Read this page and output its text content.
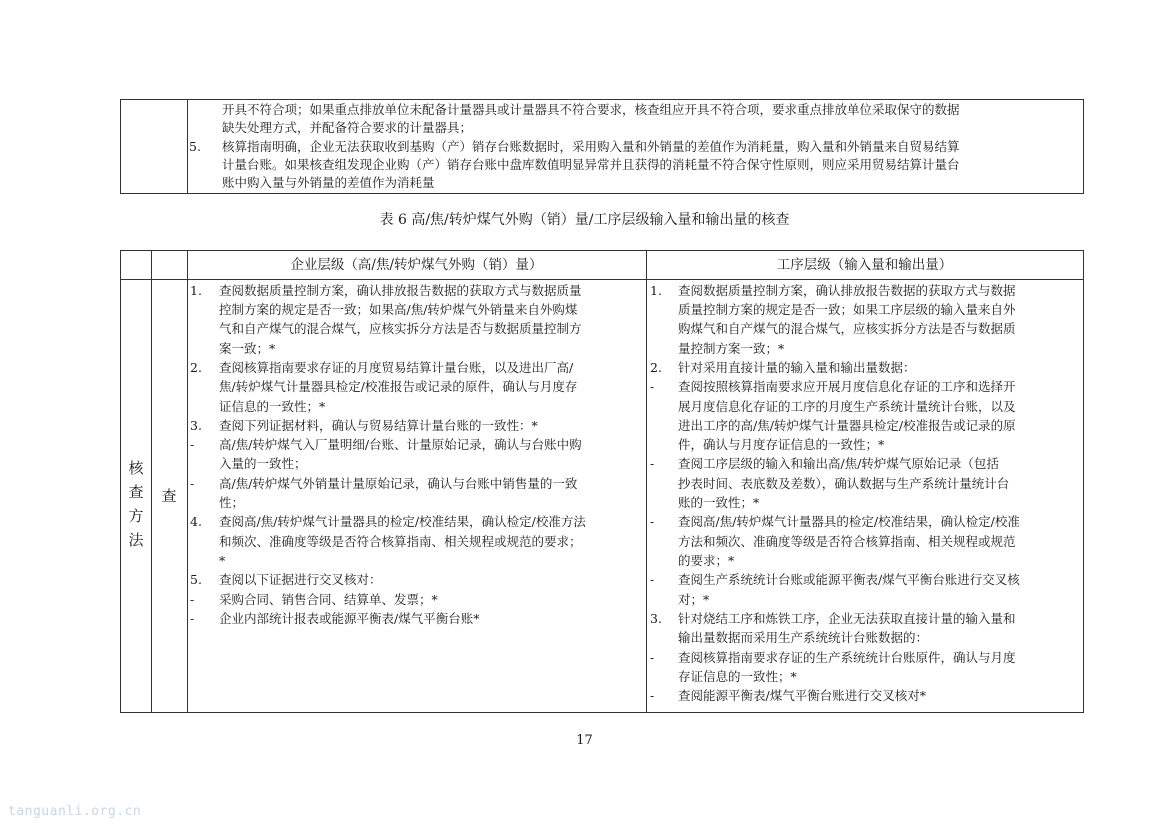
开具不符合项；如果重点排放单位未配备计量器具或计量器具不符合要求，核查组应开具不符合项，要求重点排放单位采取保守的数据
缺失处理方式，并配备符合要求的计量器具；
5. 核算指南明确，企业无法获取收到基购（产）销存台账数据时，采用购入量和外销量的差值作为消耗量，购入量和外销量来自贸易结算
计量台账。如果核查组发现企业购（产）销存台账中盘库数值明显异常并且获得的消耗量不符合保守性原则，则应采用贸易结算计量台
账中购入量与外销量的差值作为消耗量
表 6 高/焦/转炉煤气外购（销）量/工序层级输入量和输出量的核查
企业层级（高/焦/转炉煤气外购（销）量）	工序层级（输入量和输出量）
核
查
方
法
查
1.
2.
3.
-
-
4.
5.
-
-
查阅数据质量控制方案，确认排放报告数据的获取方式与数据质量
控制方案的规定是否一致；如果高/焦/转炉煤气外销量来自外购煤
气和自产煤气的混合煤气，应核实拆分方法是否与数据质量控制方
案一致；*
查阅核算指南要求存证的月度贸易结算计量台账，以及进出厂高/
焦/转炉煤气计量器具检定/校准报告或记录的原件，确认与月度存
证信息的一致性；*
查阅下列证据材料，确认与贸易结算计量台账的一致性：*
高/焦/转炉煤气入厂量明细/台账、计量原始记录，确认与台账中购
入量的一致性；
高/焦/转炉煤气外销量计量原始记录，确认与台账中销售量的一致
性；
查阅高/焦/转炉煤气计量器具的检定/校准结果，确认检定/校准方法
和频次、准确度等级是否符合核算指南、相关规程或规范的要求；
*
查阅以下证据进行交叉核对：
采购合同、销售合同、结算单、发票；*
企业内部统计报表或能源平衡表/煤气平衡台账*
1.
2.
-
-
-
-
3.
-
-
查阅数据质量控制方案，确认排放报告数据的获取方式与数据
质量控制方案的规定是否一致；如果工序层级的输入量来自外
购煤气和自产煤气的混合煤气，应核实拆分方法是否与数据质
量控制方案一致；*
针对采用直接计量的输入量和输出量数据：
查阅按照核算指南要求应开展月度信息化存证的工序和选择开
展月度信息化存证的工序的月度生产系统计量统计台账，以及
进出工序的高/焦/转炉煤气计量器具检定/校准报告或记录的原
件，确认与月度存证信息的一致性；*
查阅工序层级的输入和输出高/焦/转炉煤气原始记录（包括
抄表时间、表底数及差数），确认数据与生产系统计量统计台
账的一致性；*
查阅高/焦/转炉煤气计量器具的检定/校准结果，确认检定/校准
方法和频次、准确度等级是否符合核算指南、相关规程或规范
的要求；*
查阅生产系统统计台账或能源平衡表/煤气平衡台账进行交叉核
对；*
针对烧结工序和炼铁工序，企业无法获取直接计量的输入量和
输出量数据而采用生产系统统计台账数据的：
查阅核算指南要求存证的生产系统统计台账原件，确认与月度
存证信息的一致性；*
查阅能源平衡表/煤气平衡台账进行交叉核对*
17
tanguanli.org.cn
